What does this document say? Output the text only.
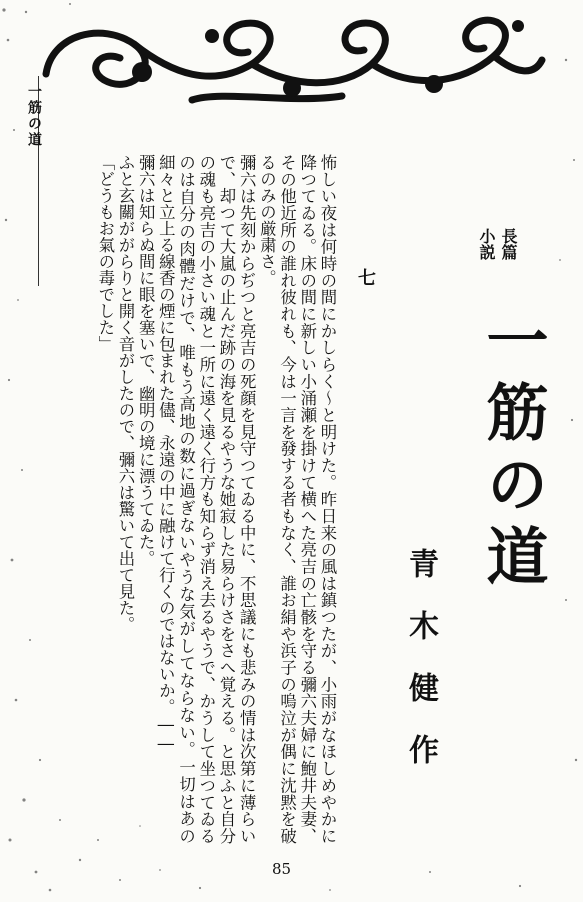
一筋の道
長篇
小説
一筋の道
七
青木健作

怖しい夜は何時の間にかしらく～と明けた。昨日来の風は鎮つたが、小雨がなほしめやかに降つてゐる。床の間に新しい小涌瀬を掛けて横へた亮吉の亡骸を守る彌六夫婦に鮑井夫妻、その他近所の誰れ彼れも、今は一言を發する者もなく、誰お絹や浜子の嗚泣が偶に沈黙を破るのみの厳粛さ。

彌六は先刻からぢつと亮吉の死顔を見守つてゐる中に、不思議にも悲みの情は次第に薄らいで、却つて大嵐の止んだ跡の海を見るやうな她寂した易らけさをさへ覚える。と思ふと自分の魂も亮吉の小さい魂と一所に遠く遠く行方も知らず消え去るやうで、かうして坐つてゐるのは自分の肉體だけで、唯もう高地の数に過ぎないやうな気がしてならない。一切はあの細々と立上る線香の煙に包まれた儘、永遠の中に融けて行くのではないか。――

彌六は知らぬ間に眼を塞いで、幽明の境に漂うてゐた。

ふと玄關ががらりと開く音がしたので、彌六は驚いて出て見た。

「どうもお氣の毒でした」

85
